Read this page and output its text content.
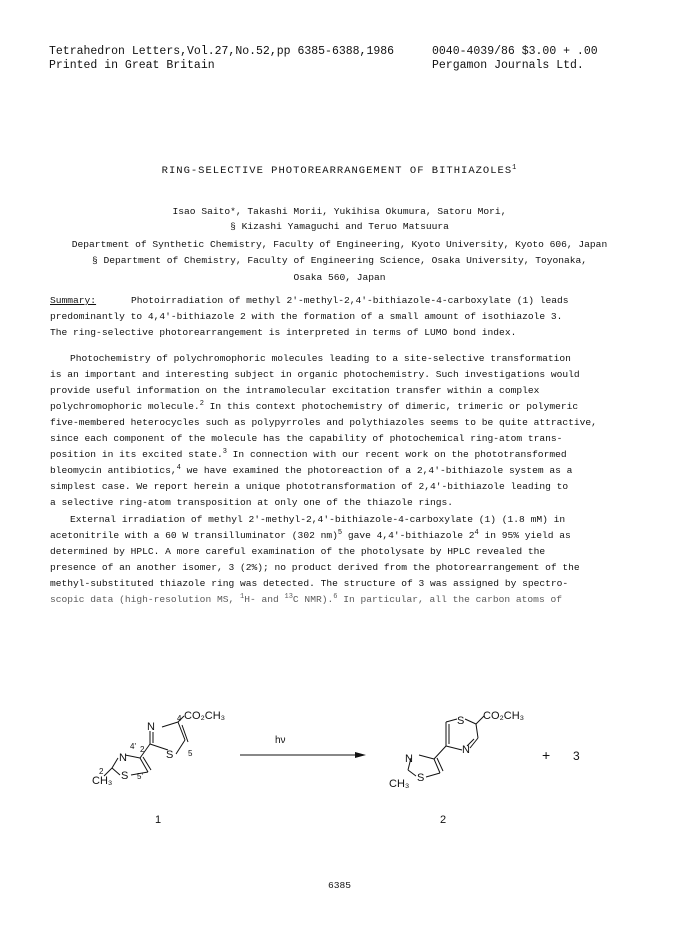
Tetrahedron Letters,Vol.27,No.52,pp 6385-6388,1986
Printed in Great Britain
0040-4039/86 $3.00 + .00
Pergamon Journals Ltd.
RING-SELECTIVE PHOTOREARRANGEMENT OF BITHIAZOLES$^1$
Isao Saito*, Takashi Morii, Yukihisa Okumura, Satoru Mori,
§ Kizashi Yamaguchi and Teruo Matsuura
Department of Synthetic Chemistry, Faculty of Engineering, Kyoto University, Kyoto 606, Japan
§ Department of Chemistry, Faculty of Engineering Science, Osaka University, Toyonaka,
Osaka 560, Japan
Summary:	Photoirradiation of methyl 2'-methyl-2,4'-bithiazole-4-carboxylate (1) leads
predominantly to 4,4'-bithiazole 2 with the formation of a small amount of isothiazole 3.
The ring-selective photorearrangement is interpreted in terms of LUMO bond index.
Photochemistry of polychromophoric molecules leading to a site-selective transformation
is an important and interesting subject in organic photochemistry. Such investigations would
provide useful information on the intramolecular excitation transfer within a complex
polychromophoric molecule.$^2$ In this context photochemistry of dimeric, trimeric or polymeric
five-membered heterocycles such as polypyrroles and polythiazoles seems to be quite attractive,
since each component of the molecule has the capability of photochemical ring-atom trans-
position in its excited state.$^3$ In connection with our recent work on the phototransformed
bleomycin antibiotics,$^4$ we have examined the photoreaction of a 2,4'-bithiazole system as a
simplest case. We report herein a unique phototransformation of 2,4'-bithiazole leading to
a selective ring-atom transposition at only one of the thiazole rings.
External irradiation of methyl 2'-methyl-2,4'-bithiazole-4-carboxylate (1) (1.8 mM) in
acetonitrile with a 60 W transilluminator (302 nm)$^5$ gave 4,4'-bithiazole $2^4$ in 95% yield as
determined by HPLC. A more careful examination of the photolysate by HPLC revealed the
presence of an another isomer, 3 (2%); no product derived from the photorearrangement of the
methyl-substituted thiazole ring was detected. The structure of 3 was assigned by spectro-
scopic data (high-resolution MS, $^1$H- and $^{13}$C NMR).$^6$ In particular, all the carbon atoms of
4 CO₂CH₃
N
S 5
4' 2
N
2 S 5'
CH₃
hν
S CO₂CH₃
N
N
S
CH₃
+ 3
1	2
6385
